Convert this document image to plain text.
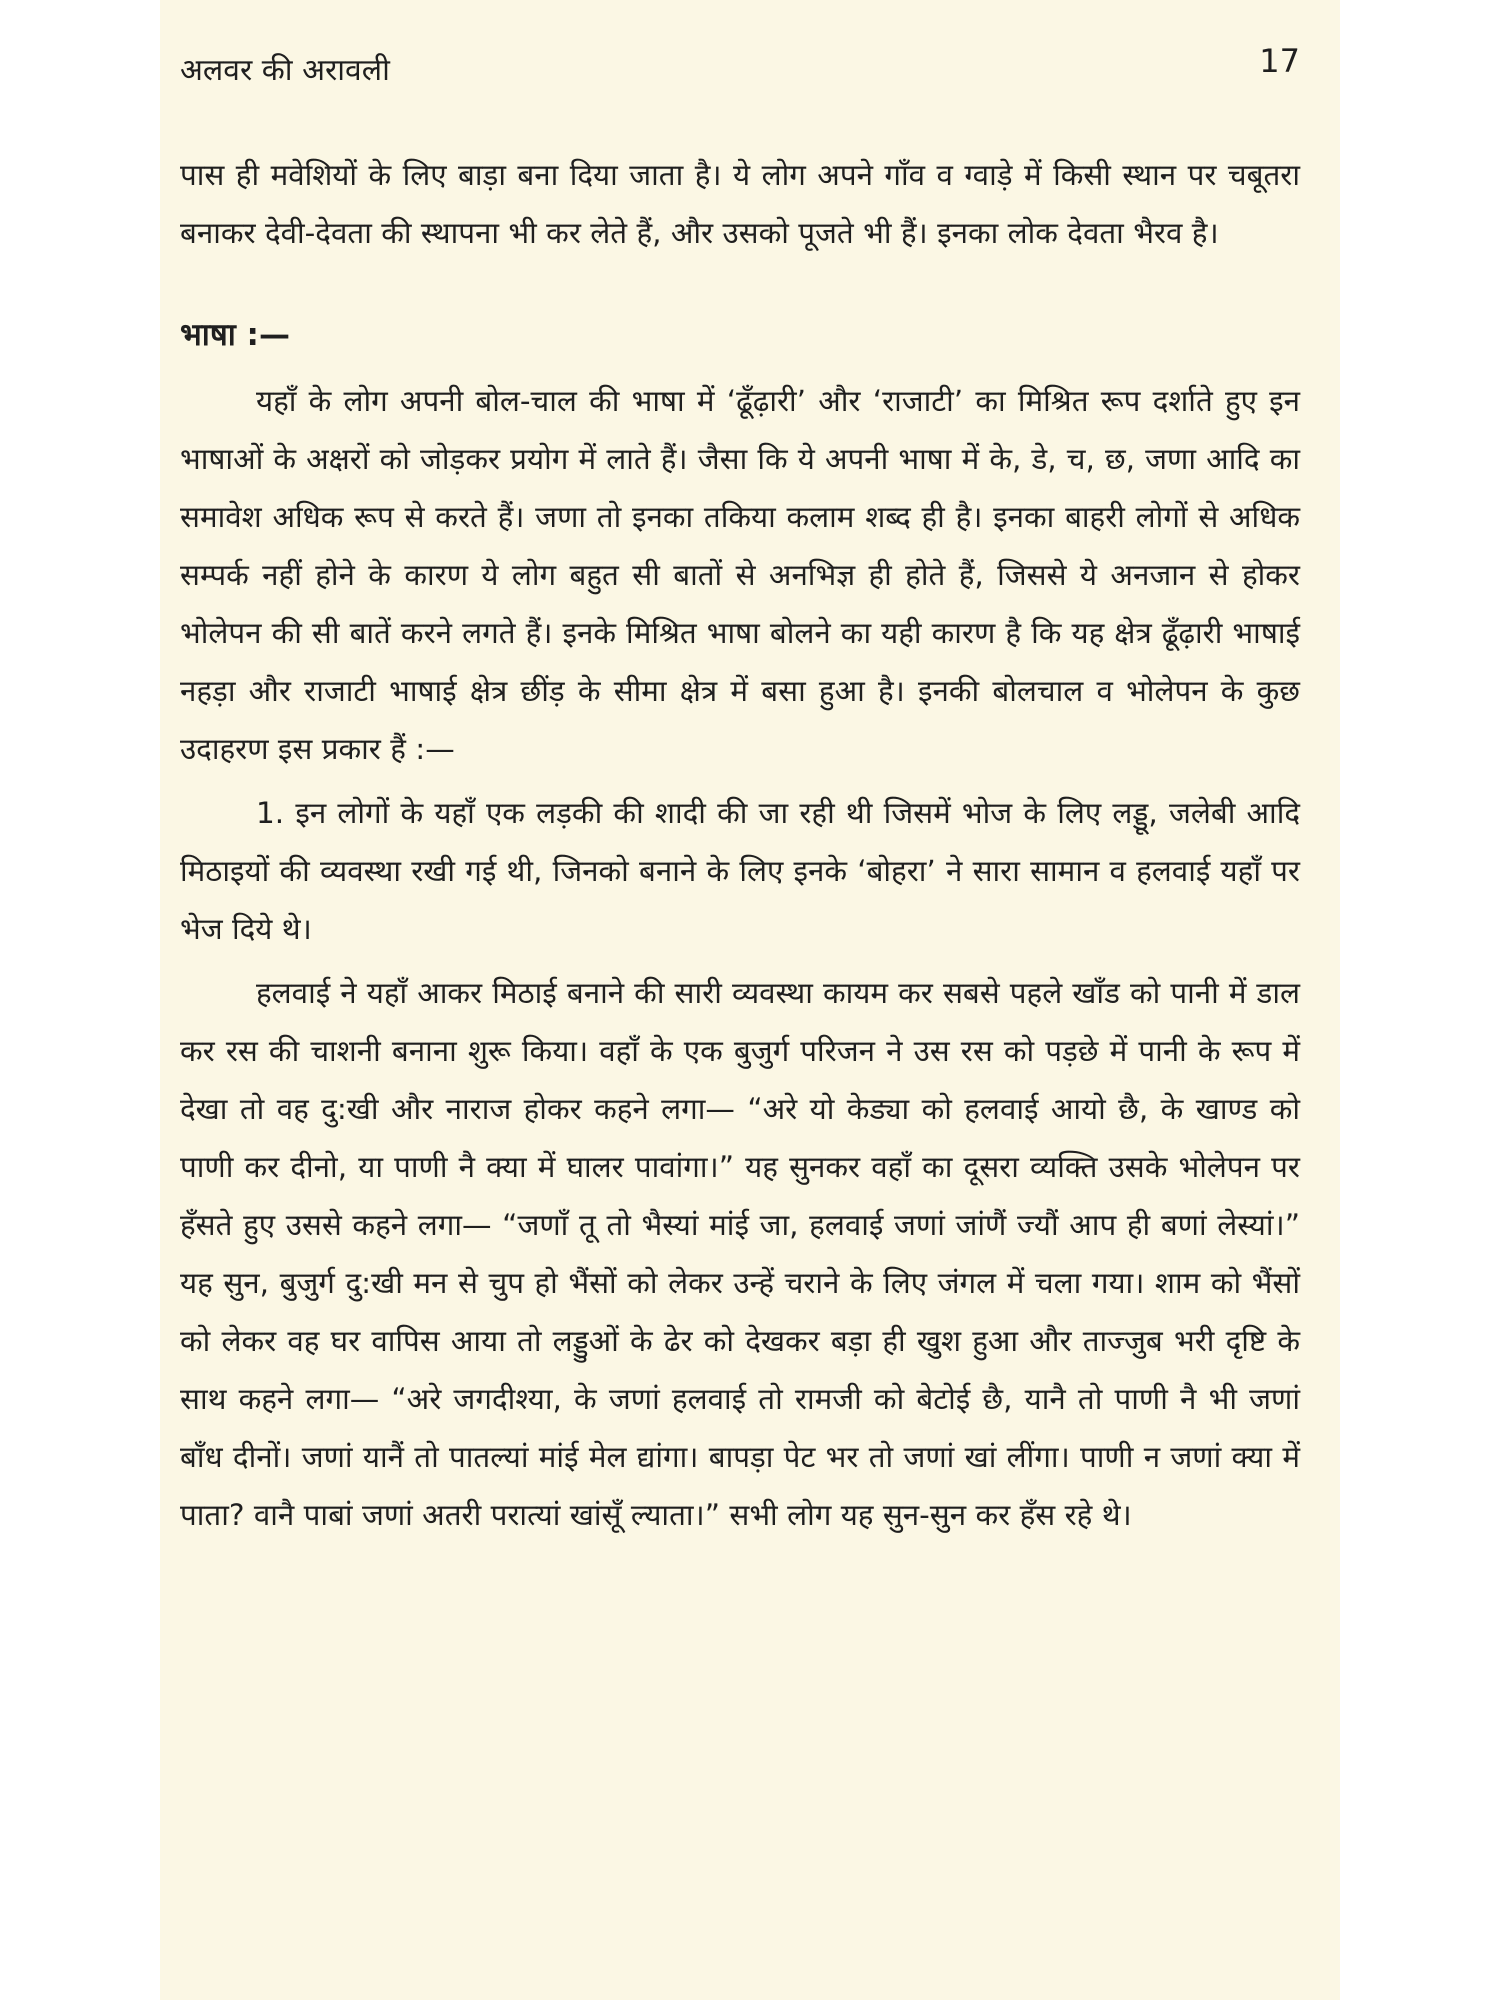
अलवर की अरावली	17

पास ही मवेशियों के लिए बाड़ा बना दिया जाता है। ये लोग अपने गाँव व ग्वाड़े में किसी स्थान पर चबूतरा बनाकर देवी-देवता की स्थापना भी कर लेते हैं, और उसको पूजते भी हैं। इनका लोक देवता भैरव है।

भाषा :—

यहाँ के लोग अपनी बोल-चाल की भाषा में ‘ढूँढ़ारी’ और ‘राजाटी’ का मिश्रित रूप दर्शाते हुए इन भाषाओं के अक्षरों को जोड़कर प्रयोग में लाते हैं। जैसा कि ये अपनी भाषा में के, डे, च, छ, जणा आदि का समावेश अधिक रूप से करते हैं। जणा तो इनका तकिया कलाम शब्द ही है। इनका बाहरी लोगों से अधिक सम्पर्क नहीं होने के कारण ये लोग बहुत सी बातों से अनभिज्ञ ही होते हैं, जिससे ये अनजान से होकर भोलेपन की सी बातें करने लगते हैं। इनके मिश्रित भाषा बोलने का यही कारण है कि यह क्षेत्र ढूँढ़ारी भाषाई नहड़ा और राजाटी भाषाई क्षेत्र छींड़ के सीमा क्षेत्र में बसा हुआ है। इनकी बोलचाल व भोलेपन के कुछ उदाहरण इस प्रकार हैं :—

1. इन लोगों के यहाँ एक लड़की की शादी की जा रही थी जिसमें भोज के लिए लड्डू, जलेबी आदि मिठाइयों की व्यवस्था रखी गई थी, जिनको बनाने के लिए इनके ‘बोहरा’ ने सारा सामान व हलवाई यहाँ पर भेज दिये थे।

हलवाई ने यहाँ आकर मिठाई बनाने की सारी व्यवस्था कायम कर सबसे पहले खाँड को पानी में डाल कर रस की चाशनी बनाना शुरू किया। वहाँ के एक बुजुर्ग परिजन ने उस रस को पड़छे में पानी के रूप में देखा तो वह दु:खी और नाराज होकर कहने लगा— “अरे यो केड्या को हलवाई आयो छै, के खाण्ड को पाणी कर दीनो, या पाणी नै क्या में घालर पावांगा।” यह सुनकर वहाँ का दूसरा व्यक्ति उसके भोलेपन पर हँसते हुए उससे कहने लगा— “जणाँ तू तो भैस्यां मांई जा, हलवाई जणां जांणैं ज्यौं आप ही बणां लेस्यां।” यह सुन, बुजुर्ग दु:खी मन से चुप हो भैंसों को लेकर उन्हें चराने के लिए जंगल में चला गया। शाम को भैंसों को लेकर वह घर वापिस आया तो लड्डुओं के ढेर को देखकर बड़ा ही खुश हुआ और ताज्जुब भरी दृष्टि के साथ कहने लगा— “अरे जगदीश्या, के जणां हलवाई तो रामजी को बेटोई छै, यानै तो पाणी नै भी जणां बाँध दीनों। जणां यानैं तो पातल्यां मांई मेल द्यांगा। बापड़ा पेट भर तो जणां खां लींगा। पाणी न जणां क्या में पाता? वानै पाबां जणां अतरी परात्यां खांसूँ ल्याता।” सभी लोग यह सुन-सुन कर हँस रहे थे।
